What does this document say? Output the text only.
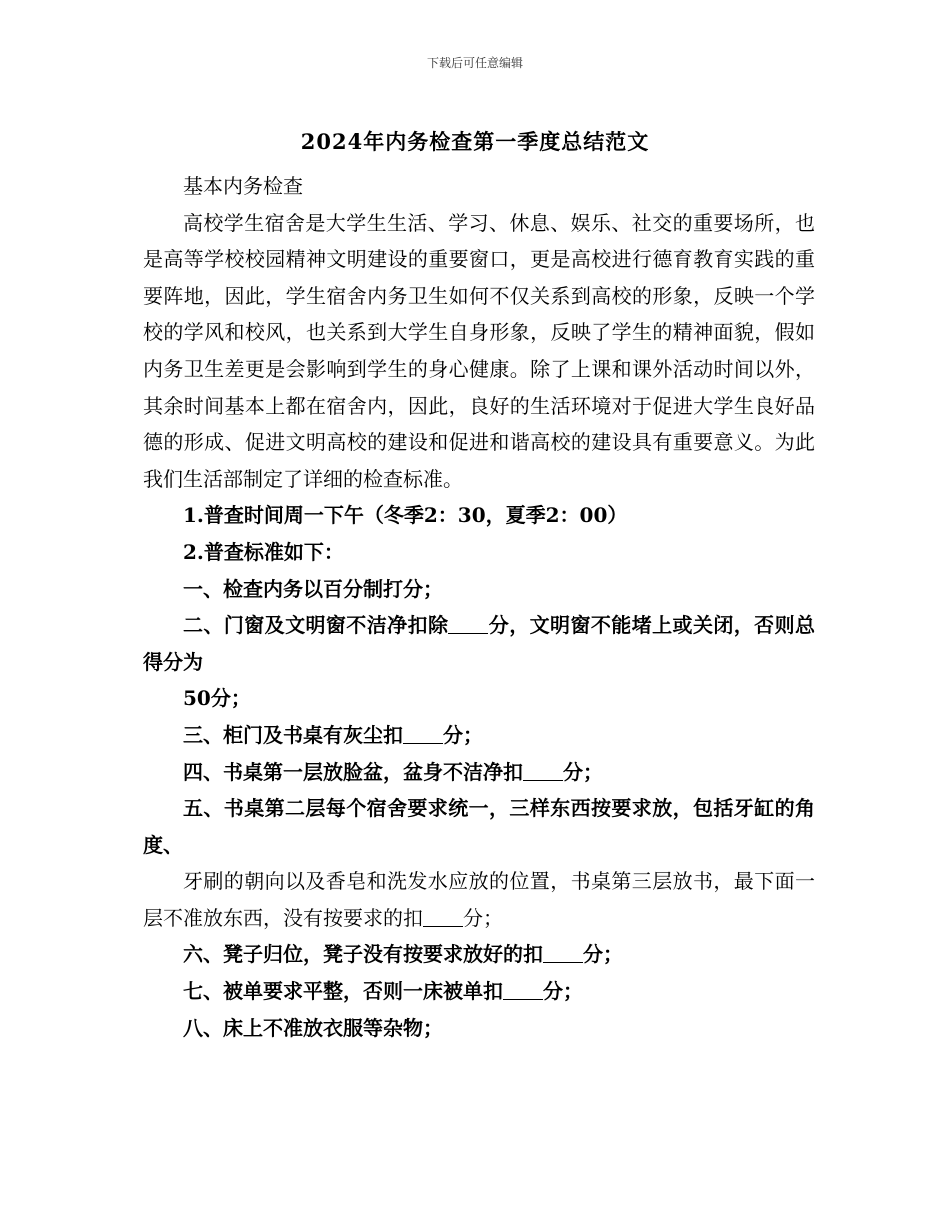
下载后可任意编辑
2024年内务检查第一季度总结范文

基本内务检查

高校学生宿舍是大学生生活、学习、休息、娱乐、社交的重要场所，也是高等学校校园精神文明建设的重要窗口，更是高校进行德育教育实践的重要阵地，因此，学生宿舍内务卫生如何不仅关系到高校的形象，反映一个学校的学风和校风，也关系到大学生自身形象，反映了学生的精神面貌，假如内务卫生差更是会影响到学生的身心健康。除了上课和课外活动时间以外，其余时间基本上都在宿舍内，因此，良好的生活环境对于促进大学生良好品德的形成、促进文明高校的建设和促进和谐高校的建设具有重要意义。为此我们生活部制定了详细的检查标准。

1.普查时间周一下午（冬季2：30，夏季2：00）

2.普查标准如下：

一、检查内务以百分制打分；

二、门窗及文明窗不洁净扣除 分，文明窗不能堵上或关闭，否则总得分为

50分；

三、柜门及书桌有灰尘扣 分；

四、书桌第一层放脸盆，盆身不洁净扣 分；

五、书桌第二层每个宿舍要求统一，三样东西按要求放，包括牙缸的角度、

牙刷的朝向以及香皂和洗发水应放的位置，书桌第三层放书，最下面一层不准放东西，没有按要求的扣 分；

六、凳子归位，凳子没有按要求放好的扣 分；

七、被单要求平整，否则一床被单扣 分；

八、床上不准放衣服等杂物；
